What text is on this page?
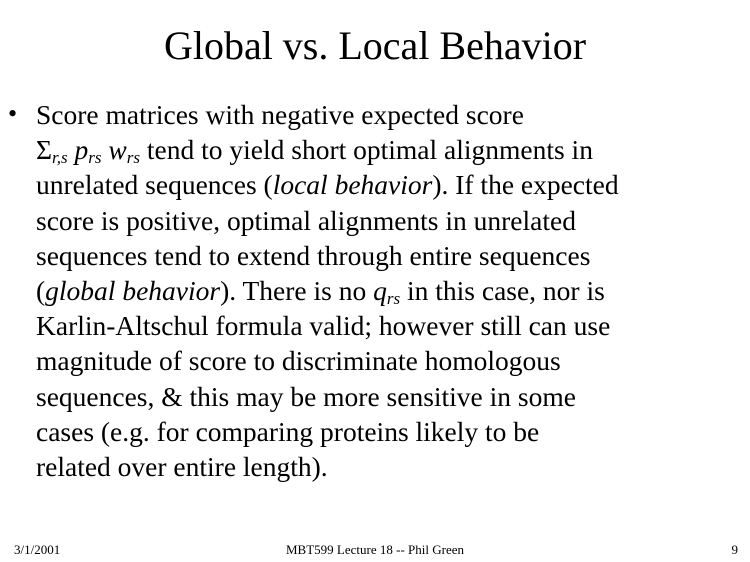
Global vs. Local Behavior
• Score matrices with negative expected score
$\Sigma_{r,s}$ $p_{rs}$ $w_{rs}$ tend to yield short optimal alignments in
unrelated sequences (local behavior). If the expected
score is positive, optimal alignments in unrelated
sequences tend to extend through entire sequences
(global behavior). There is no $q_{rs}$ in this case, nor is
Karlin-Altschul formula valid; however still can use
magnitude of score to discriminate homologous
sequences, & this may be more sensitive in some
cases (e.g. for comparing proteins likely to be
related over entire length).
3/1/2001	MBT599 Lecture 18 -- Phil Green	9
